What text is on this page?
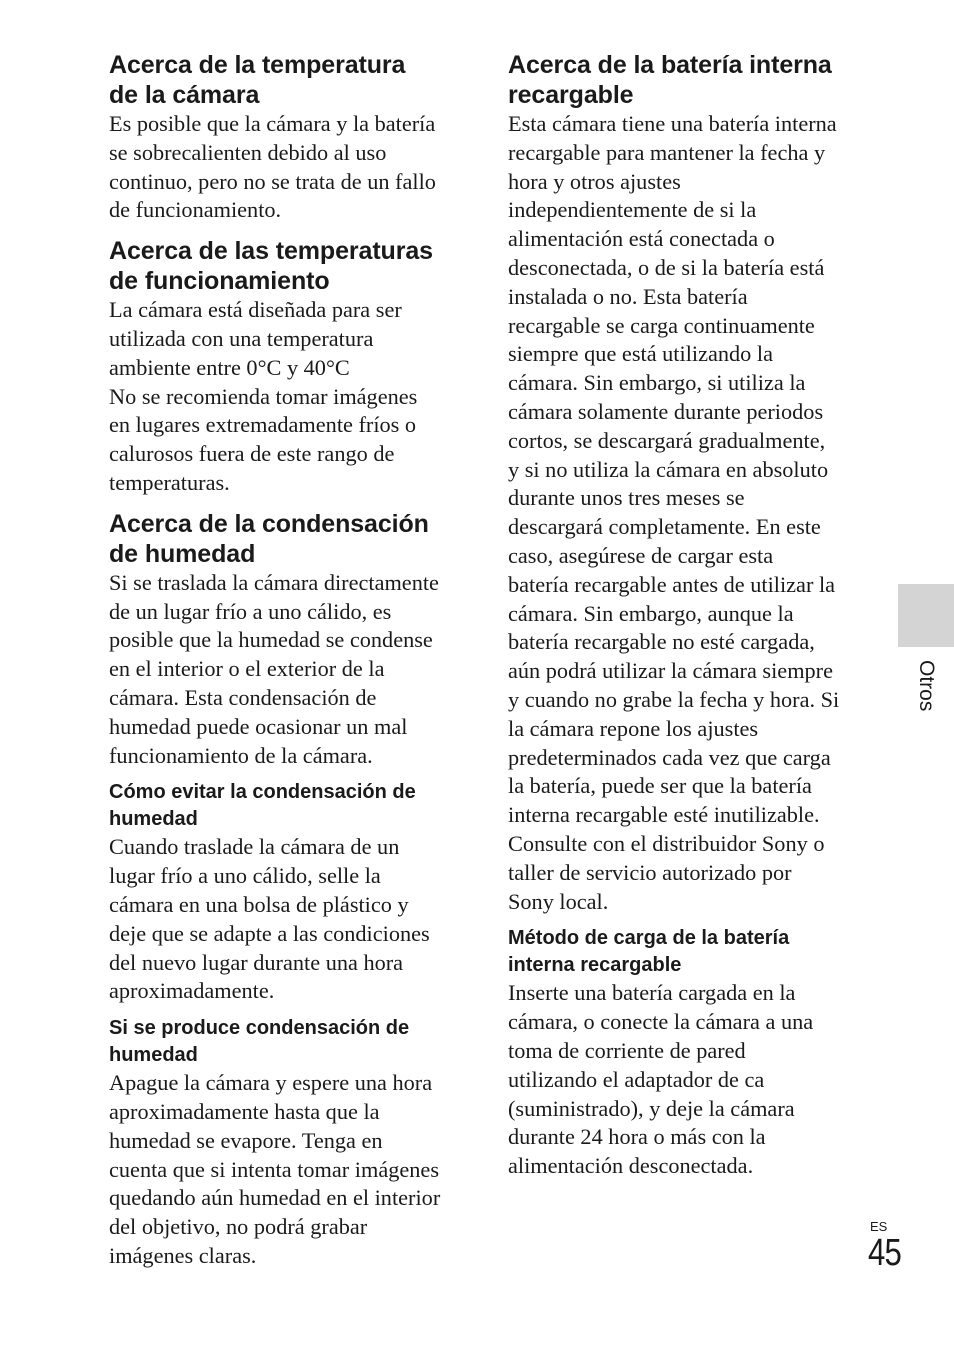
Acerca de la temperatura
de la cámara

Es posible que la cámara y la batería
se sobrecalienten debido al uso
continuo, pero no se trata de un fallo
de funcionamiento.

Acerca de las temperaturas
de funcionamiento

La cámara está diseñada para ser
utilizada con una temperatura
ambiente entre 0°C y 40°C
No se recomienda tomar imágenes
en lugares extremadamente fríos o
calurosos fuera de este rango de
temperaturas.

Acerca de la condensación
de humedad

Si se traslada la cámara directamente
de un lugar frío a uno cálido, es
posible que la humedad se condense
en el interior o el exterior de la
cámara. Esta condensación de
humedad puede ocasionar un mal
funcionamiento de la cámara.

Cómo evitar la condensación de
humedad

Cuando traslade la cámara de un
lugar frío a uno cálido, selle la
cámara en una bolsa de plástico y
deje que se adapte a las condiciones
del nuevo lugar durante una hora
aproximadamente.

Si se produce condensación de
humedad

Apague la cámara y espere una hora
aproximadamente hasta que la
humedad se evapore. Tenga en
cuenta que si intenta tomar imágenes
quedando aún humedad en el interior
del objetivo, no podrá grabar
imágenes claras.

Acerca de la batería interna
recargable

Esta cámara tiene una batería interna
recargable para mantener la fecha y
hora y otros ajustes
independientemente de si la
alimentación está conectada o
desconectada, o de si la batería está
instalada o no. Esta batería
recargable se carga continuamente
siempre que está utilizando la
cámara. Sin embargo, si utiliza la
cámara solamente durante periodos
cortos, se descargará gradualmente,
y si no utiliza la cámara en absoluto
durante unos tres meses se
descargará completamente. En este
caso, asegúrese de cargar esta
batería recargable antes de utilizar la
cámara. Sin embargo, aunque la
batería recargable no esté cargada,
aún podrá utilizar la cámara siempre
y cuando no grabe la fecha y hora. Si
la cámara repone los ajustes
predeterminados cada vez que carga
la batería, puede ser que la batería
interna recargable esté inutilizable.
Consulte con el distribuidor Sony o
taller de servicio autorizado por
Sony local.

Método de carga de la batería
interna recargable

Inserte una batería cargada en la
cámara, o conecte la cámara a una
toma de corriente de pared
utilizando el adaptador de ca
(suministrado), y deje la cámara
durante 24 hora o más con la
alimentación desconectada.

Otros
ES
45
